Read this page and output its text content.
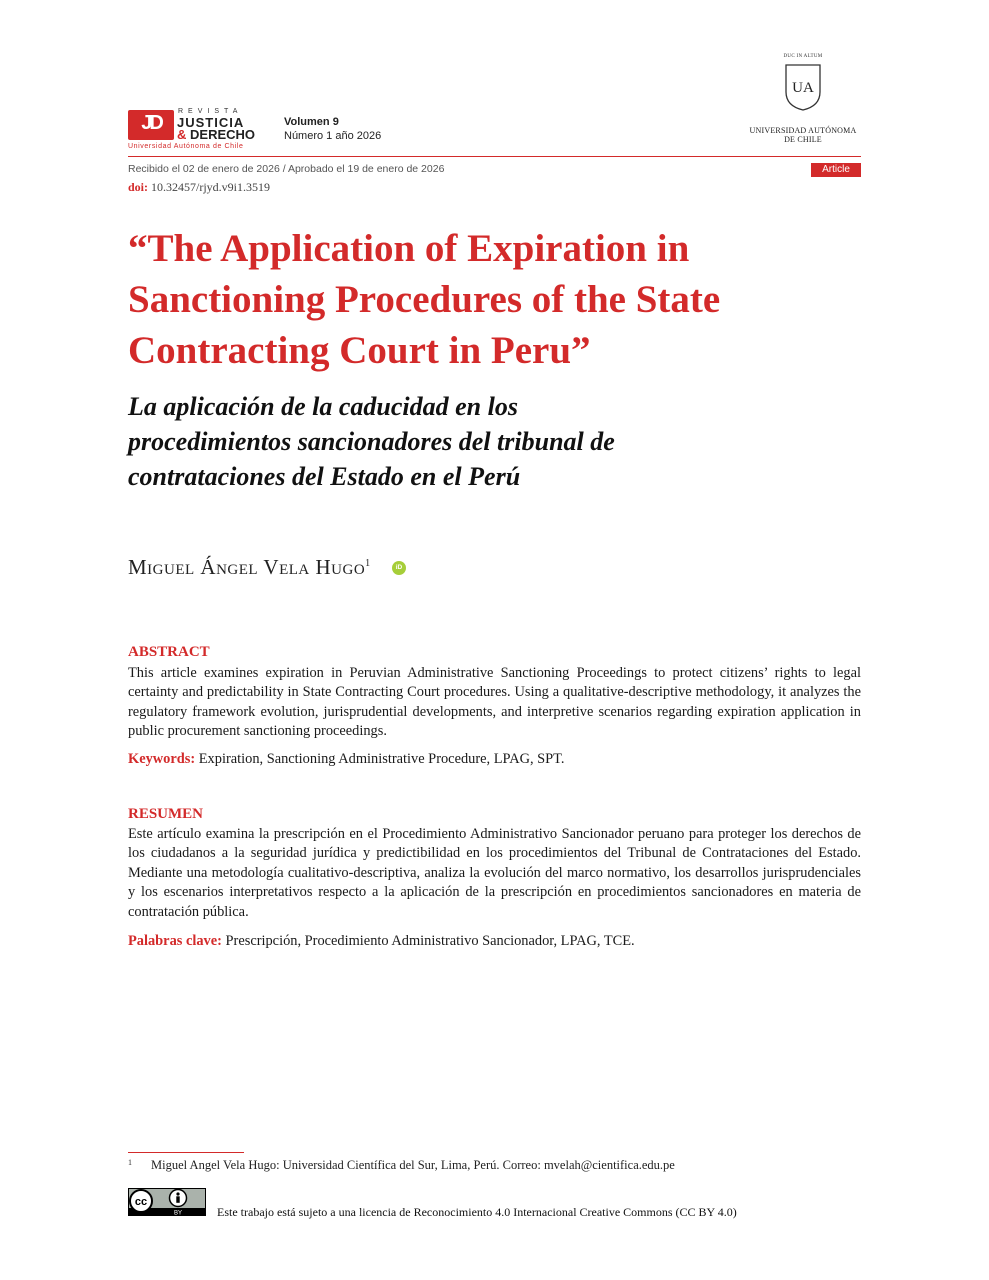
JD
REVISTA
JUSTICIA
& DERECHO
Universidad Autónoma de Chile
Volumen 9
Número 1 año 2026
DUC IN ALTUM
UA
UNIVERSIDAD AUTÓNOMA
DE CHILE
Recibido el 02 de enero de 2026 / Aprobado el 19 de enero de 2026	Article
doi: 10.32457/rjyd.v9i1.3519
“The Application of Expiration in
Sanctioning Procedures of the State
Contracting Court in Peru”
La aplicación de la caducidad en los
procedimientos sancionadores del tribunal de
contrataciones del Estado en el Perú
Miguel Ángel Vela Hugo$^1$	iD
ABSTRACT
This article examines expiration in Peruvian Administrative Sanctioning Proceedings to protect citizens’ rights to legal certainty and predictability in State Contracting Court procedures. Using a qualitative-descriptive methodology, it analyzes the regulatory framework evolution, jurisprudential developments, and interpretive scenarios regarding expiration application in public procurement sanctioning proceedings.
Keywords: Expiration, Sanctioning Administrative Procedure, LPAG, SPT.
RESUMEN
Este artículo examina la prescripción en el Procedimiento Administrativo Sancionador peruano para proteger los derechos de los ciudadanos a la seguridad jurídica y predictibilidad en los procedimientos del Tribunal de Contrataciones del Estado. Mediante una metodología cualitativo-descriptiva, analiza la evolución del marco normativo, los desarrollos jurisprudenciales y los escenarios interpretativos respecto a la aplicación de la prescripción en procedimientos sancionadores en materia de contratación pública.
Palabras clave: Prescripción, Procedimiento Administrativo Sancionador, LPAG, TCE.
1 Miguel Angel Vela Hugo: Universidad Científica del Sur, Lima, Perú. Correo: mvelah@cientifica.edu.pe
cc
BY	Este trabajo está sujeto a una licencia de Reconocimiento 4.0 Internacional Creative Commons (CC BY 4.0)
